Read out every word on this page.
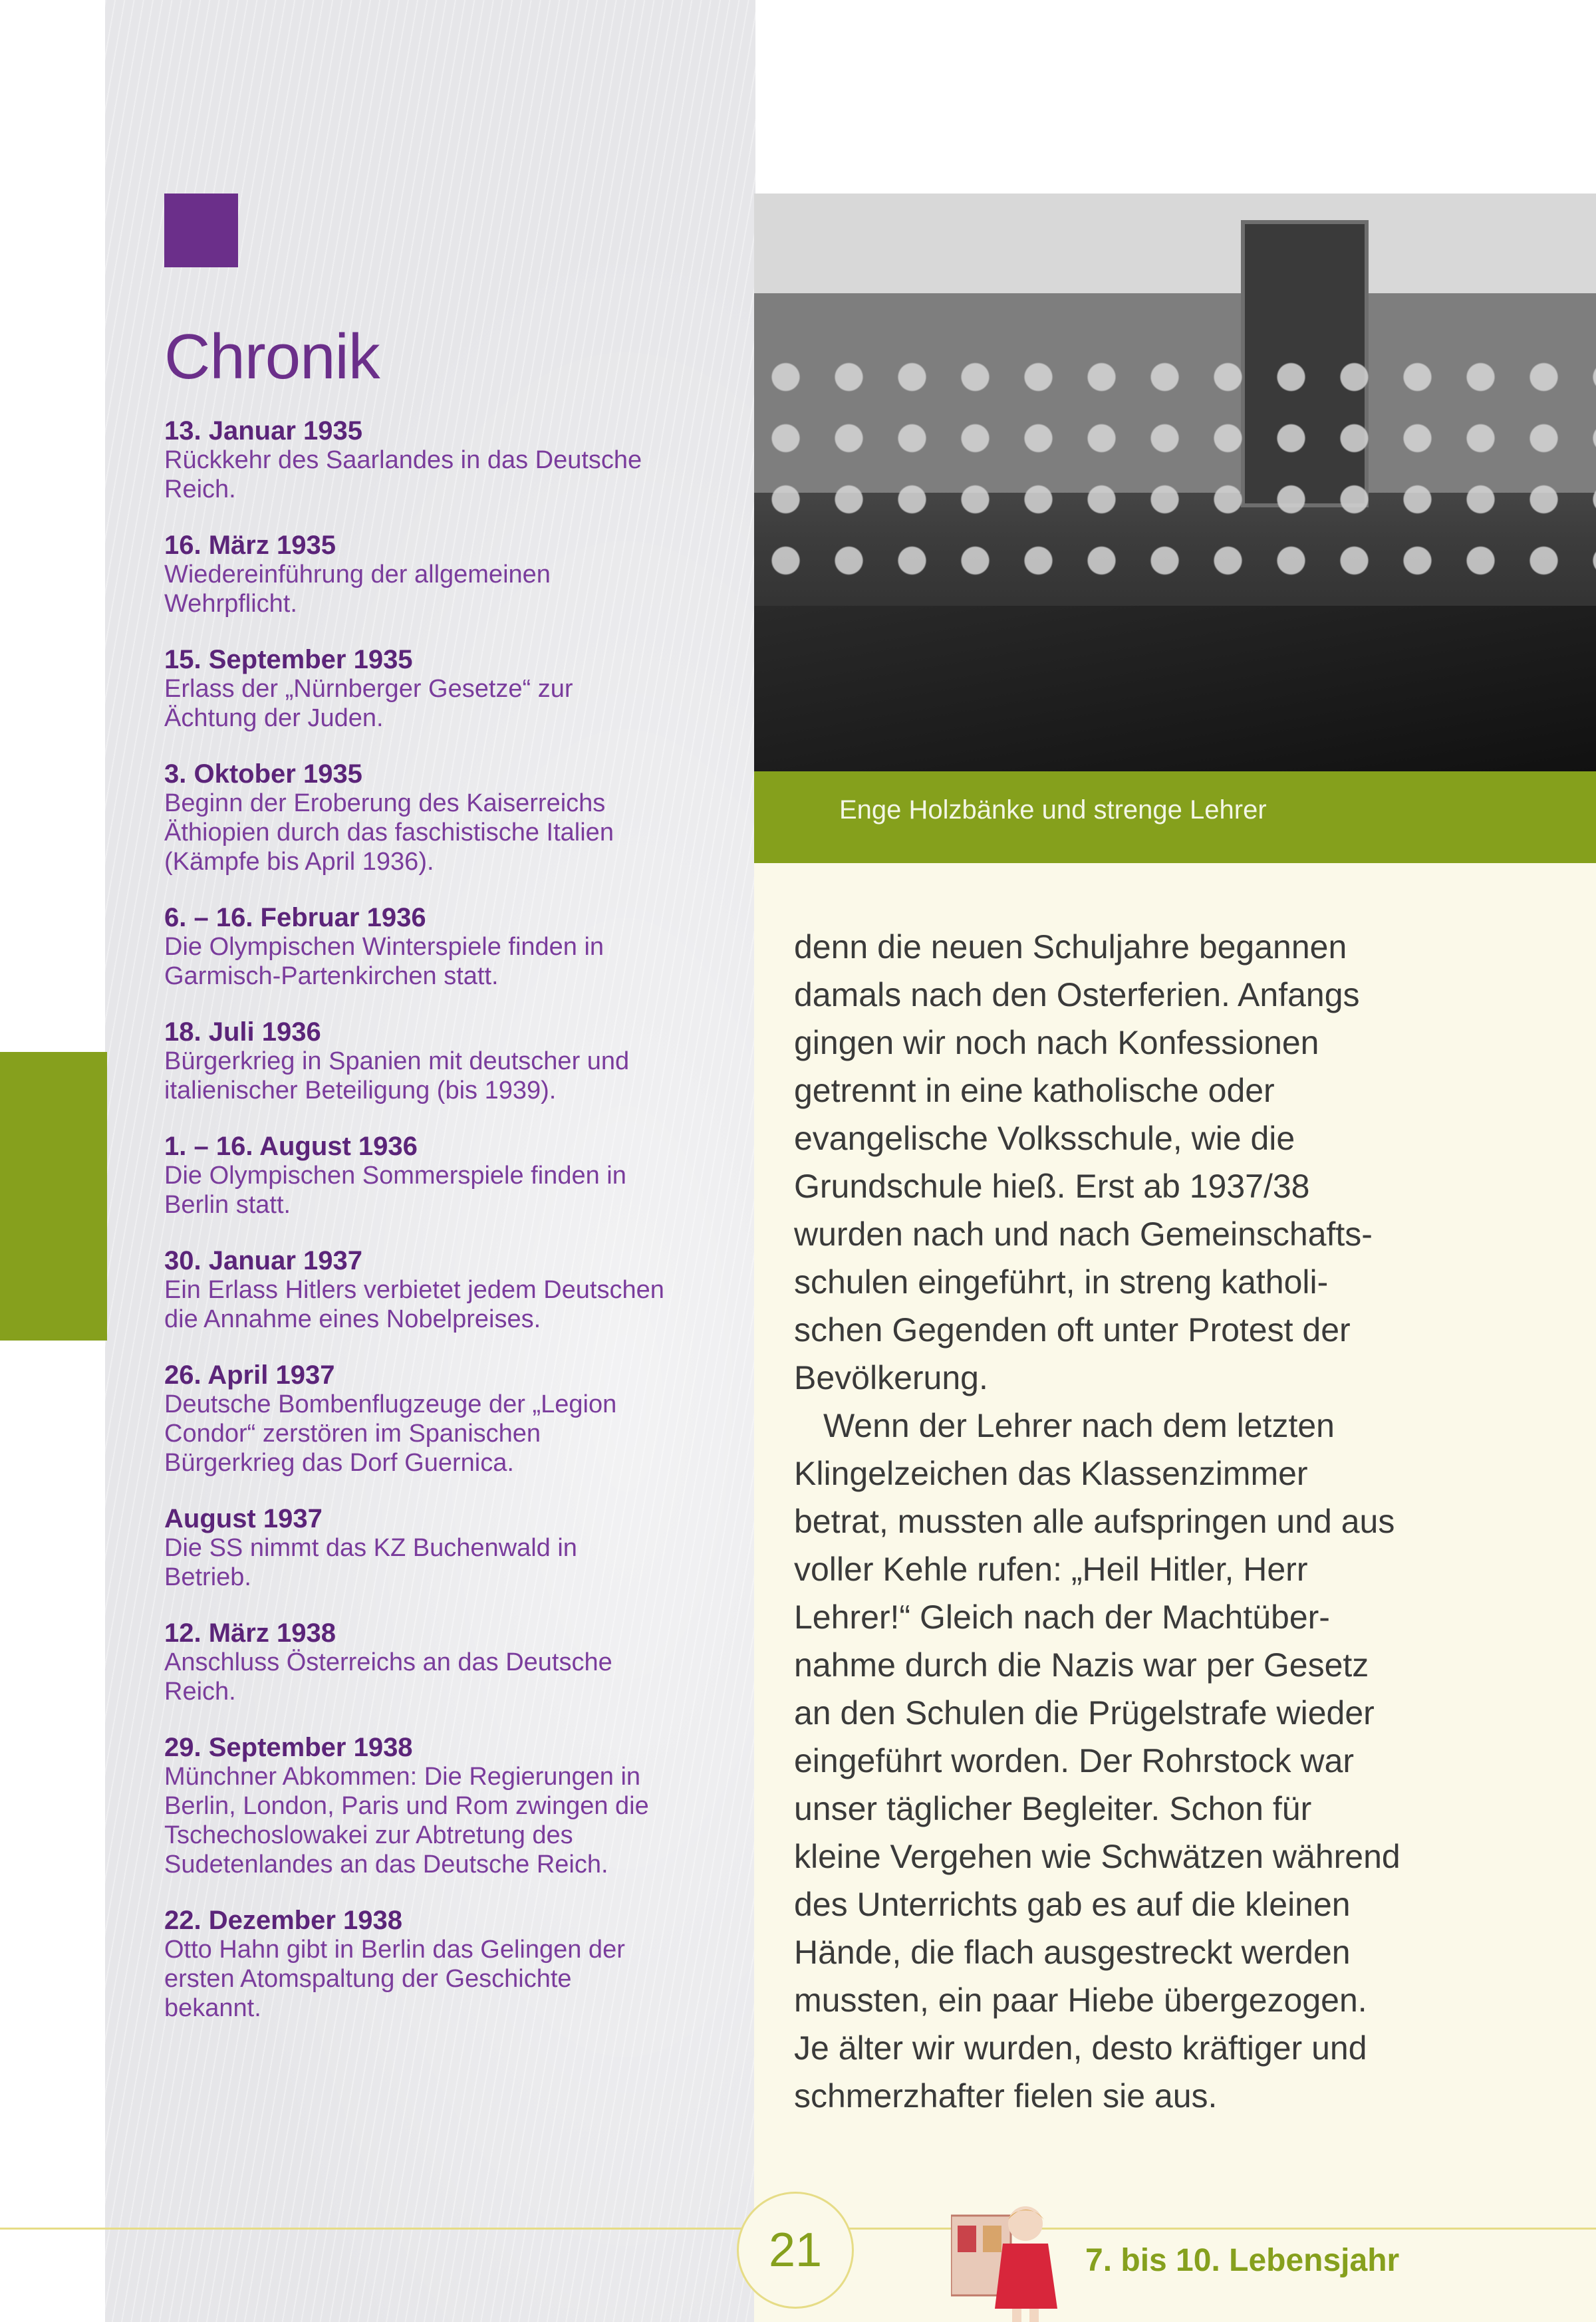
Chronik
13. Januar 1935
Rückkehr des Saarlandes in das Deutsche
Reich.
16. März 1935
Wiedereinführung der allgemeinen
Wehrpflicht.
15. September 1935
Erlass der „Nürnberger Gesetze“ zur
Ächtung der Juden.
3. Oktober 1935
Beginn der Eroberung des Kaiserreichs
Äthiopien durch das faschistische Italien
(Kämpfe bis April 1936).
6. – 16. Februar 1936
Die Olympischen Winterspiele finden in
Garmisch-Partenkirchen statt.
18. Juli 1936
Bürgerkrieg in Spanien mit deutscher und
italienischer Beteiligung (bis 1939).
1. – 16. August 1936
Die Olympischen Sommerspiele finden in
Berlin statt.
30. Januar 1937
Ein Erlass Hitlers verbietet jedem Deutschen
die Annahme eines Nobelpreises.
26. April 1937
Deutsche Bombenflugzeuge der „Legion
Condor“ zerstören im Spanischen
Bürgerkrieg das Dorf Guernica.
August 1937
Die SS nimmt das KZ Buchenwald in
Betrieb.
12. März 1938
Anschluss Österreichs an das Deutsche
Reich.
29. September 1938
Münchner Abkommen: Die Regierungen in
Berlin, London, Paris und Rom zwingen die
Tschechoslowakei zur Abtretung des
Sudetenlandes an das Deutsche Reich.
22. Dezember 1938
Otto Hahn gibt in Berlin das Gelingen der
ersten Atomspaltung der Geschichte
bekannt.
Enge Holzbänke und strenge Lehrer

denn die neuen Schuljahre begannen
damals nach den Osterferien. Anfangs
gingen wir noch nach Konfessionen
getrennt in eine katholische oder
evangelische Volksschule, wie die
Grundschule hieß. Erst ab 1937/38
wurden nach und nach Gemeinschafts-
schulen eingeführt, in streng katholi-
schen Gegenden oft unter Protest der
Bevölkerung.

Wenn der Lehrer nach dem letzten
Klingelzeichen das Klassenzimmer
betrat, mussten alle aufspringen und aus
voller Kehle rufen: „Heil Hitler, Herr
Lehrer!“ Gleich nach der Machtüber-
nahme durch die Nazis war per Gesetz
an den Schulen die Prügelstrafe wieder
eingeführt worden. Der Rohrstock war
unser täglicher Begleiter. Schon für
kleine Vergehen wie Schwätzen während
des Unterrichts gab es auf die kleinen
Hände, die flach ausgestreckt werden
mussten, ein paar Hiebe übergezogen.
Je älter wir wurden, desto kräftiger und
schmerzhafter fielen sie aus.

21	7. bis 10. Lebensjahr
